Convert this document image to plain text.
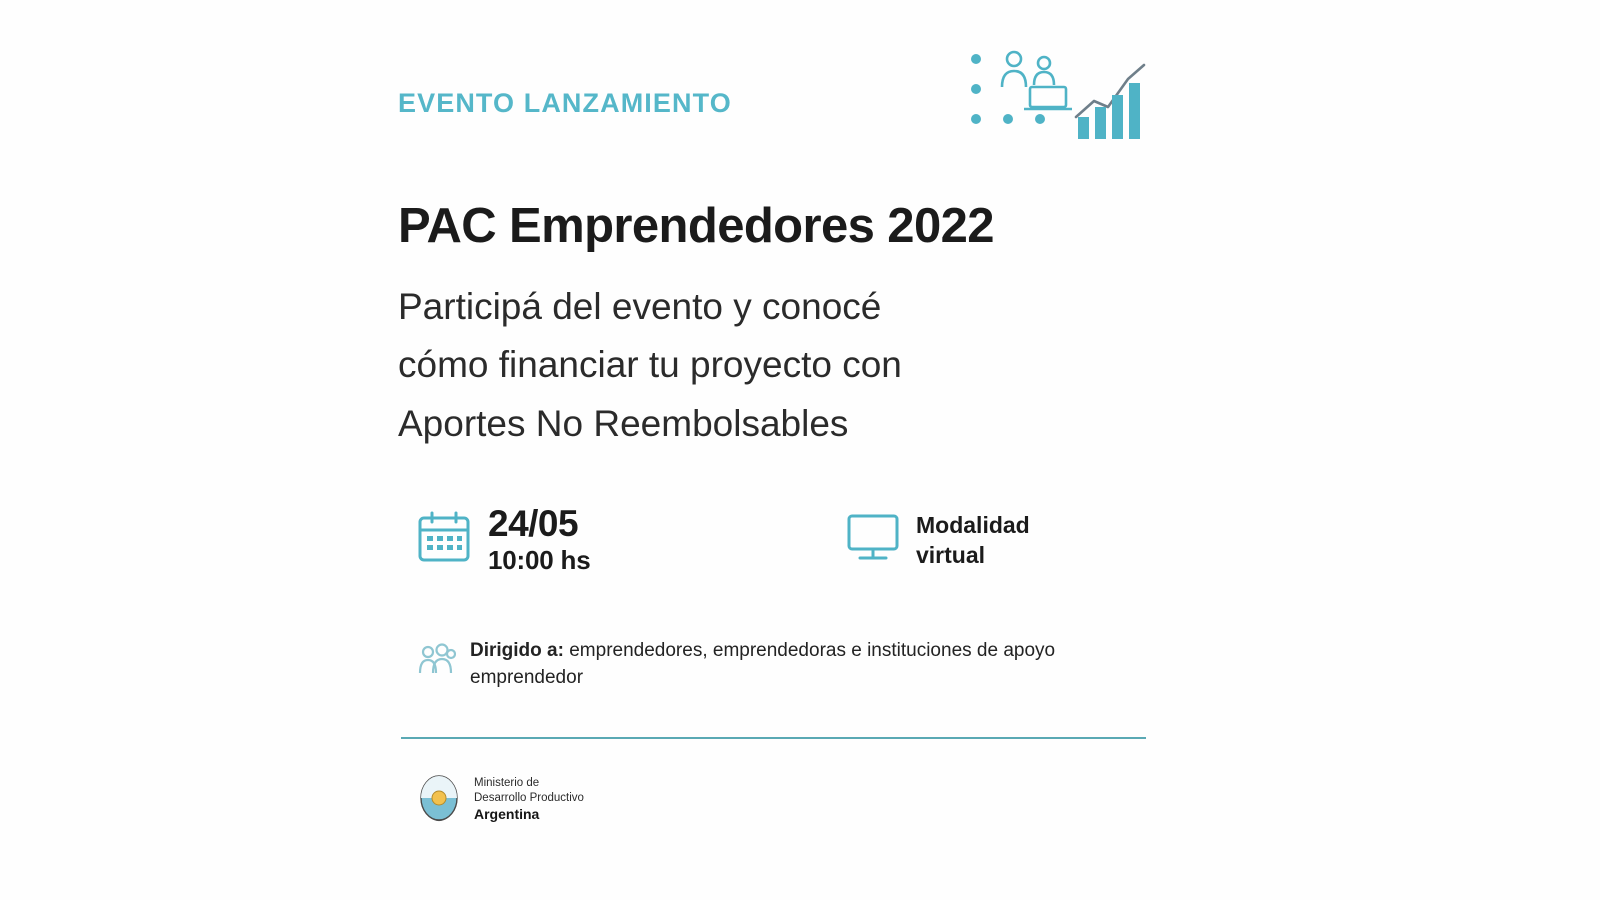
EVENTO LANZAMIENTO
PAC Emprendedores 2022
Participá del evento y conocé
cómo financiar tu proyecto con
Aportes No Reembolsables
24/05
10:00 hs
Modalidad
virtual
Dirigido a: emprendedores, emprendedoras e instituciones de apoyo emprendedor
Ministerio de
Desarrollo Productivo
Argentina
